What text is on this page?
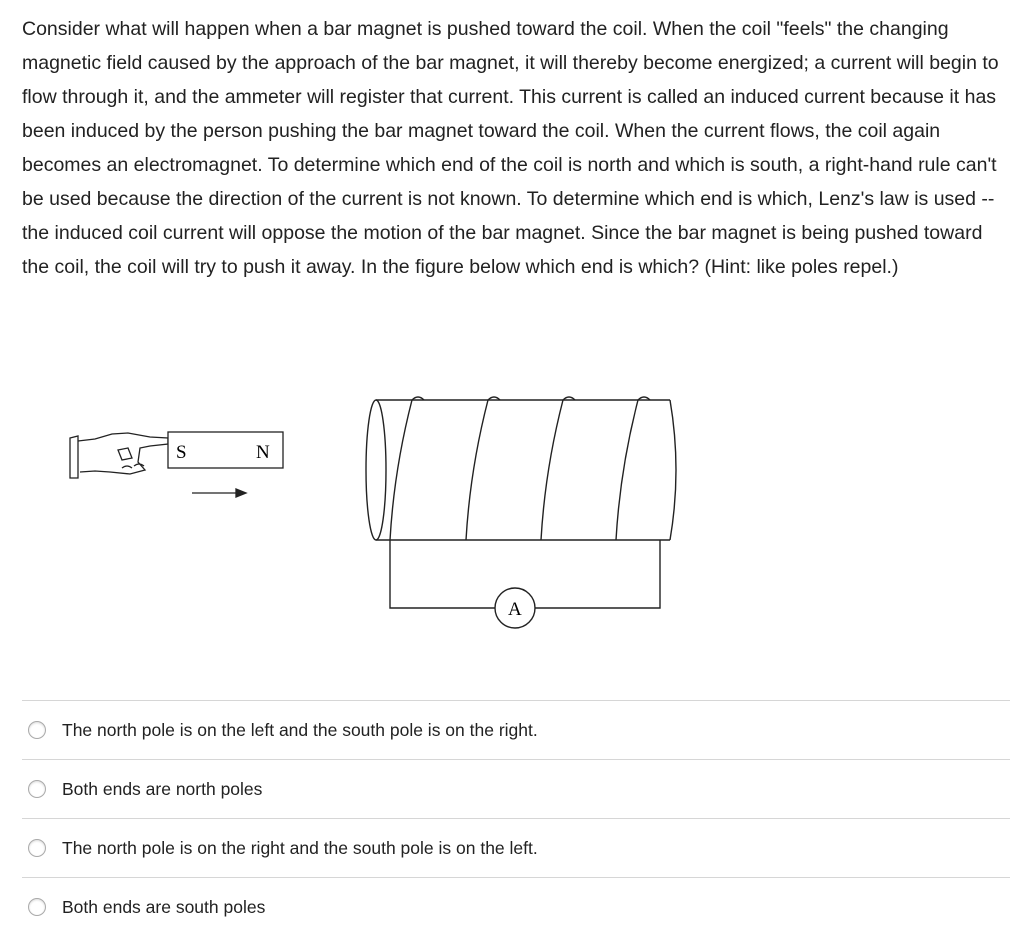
Consider what will happen when a bar magnet is pushed toward the coil. When the coil "feels" the changing magnetic field caused by the approach of the bar magnet, it will thereby become energized; a current will begin to flow through it, and the ammeter will register that current. This current is called an induced current because it has been induced by the person pushing the bar magnet toward the coil. When the current flows, the coil again becomes an electromagnet. To determine which end of the coil is north and which is south, a right-hand rule can't be used because the direction of the current is not known. To determine which end is which, Lenz's law is used -- the induced coil current will oppose the motion of the bar magnet. Since the bar magnet is being pushed toward the coil, the coil will try to push it away. In the figure below which end is which? (Hint: like poles repel.)

S	N
A
The north pole is on the left and the south pole is on the right.
Both ends are north poles
The north pole is on the right and the south pole is on the left.
Both ends are south poles
